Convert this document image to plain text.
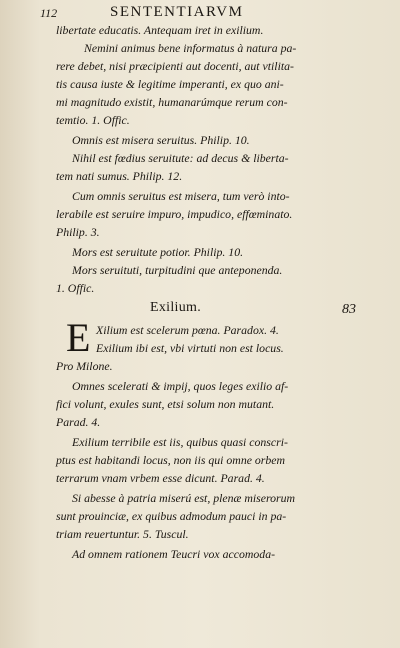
112	SENTENTIARVM
libertate educatis. Antequam iret in exilium.
Nemini animus bene informatus à natura pa-
rere debet, nisi præcipienti aut docenti, aut vtilita-
tis causa iuste & legitime imperanti, ex quo ani-
mi magnitudo existit, humanarúmque rerum con-
temtio. 1. Offic.
Omnis est misera seruitus. Philip. 10.
Nihil est fœdius seruitute: ad decus & liberta-
tem nati sumus. Philip. 12.
Cum omnis seruitus est misera, tum verò into-
lerabile est seruire impuro, impudico, effœminato.
Philip. 3.
Mors est seruitute potior. Philip. 10.
Mors seruituti, turpitudini que anteponenda.
1. Offic.
Exilium.	83
E Xilium est scelerum pœna. Paradox. 4.
Exilium ibi est, vbi virtuti non est locus.
Pro Milone.
Omnes scelerati & impij, quos leges exilio af-
fici volunt, exules sunt, etsi solum non mutant.
Parad. 4.
Exilium terribile est iis, quibus quasi conscri-
ptus est habitandi locus, non iis qui omne orbem
terrarum vnam vrbem esse dicunt. Parad. 4.
Si abesse à patria miserú est, plenæ miserorum
sunt prouinciæ, ex quibus admodum pauci in pa-
triam reuertuntur. 5. Tuscul.
Ad omnem rationem Teucri vox accomoda-
